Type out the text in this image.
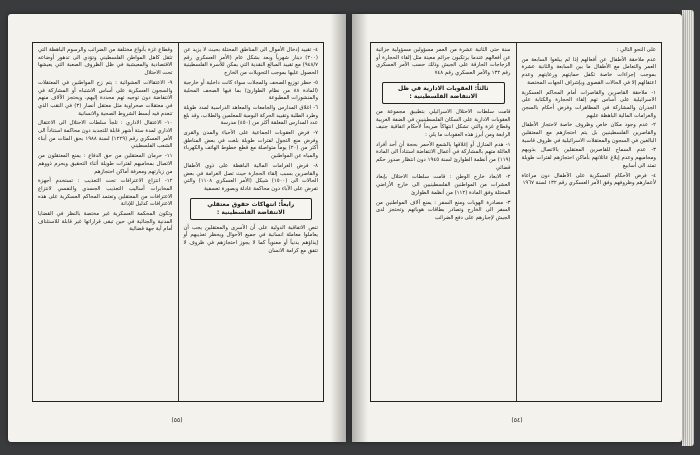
٤- تقييد إدخال الأموال الى المناطق المحتلة بحيث لا يزيد عن (٢٠٠) دينار شهرياً وبعد بشكل عام (الأمر العسكري رقم ٩٤٨/٧) مع تقييد المبالغ النقدية التي يمكن للأسرة الفلسطينية الحصول عليها بموجب التحويلات من الخارج

٥- حظر توزيع الصحف والمجلات سواء كانت داخلية أو خارجية (المادة ٨٨ من نظام الطوارئ) بما فيها الصحف المحلية والمنشورات المطبوعة

٦- اغلاق المدارس والجامعات والمعاهد الدراسية لمدد طويلة وطرد الطلبة وتقييد الحركة اليومية للمعلمين والطلاب، وقد بلغ عدد المدارس المغلقة أكثر من (٤٥٠) مدرسة

٧- فرض العقوبات الجماعية على الأحياء والمدن والقرى وفرض منع التجول لفترات طويلة بلغت في بعض المناطق أكثر من (٢٠) يوماً متواصلة مع قطع خطوط الهاتف والكهرباء والمياه عن المواطنين

٨- فرض الغرامات المالية الباهظة على ذوي الأطفال والقاصرين بسبب إلقاء الحجارة حيث تصل الغرامة في بعض الحالات الى (١٥٠٠) شيكل (الأمر العسكري ١١٠٨) والتي تفرض على الآباء دون محاكمة عادلة وبصورة تعسفية

رابعاً: انتهاكات حقوق معتقلي الانتفاضة الفلسطينية :

تنص الاتفاقية الدولية على أن الأسرى والمعتقلين يجب أن يعاملوا معاملة انسانية في جميع الأحوال ويحظر تعذيبهم أو إيذاؤهم بدنياً أو معنوياً كما لا يجوز احتجازهم في ظروف لا تتفق مع كرامة الانسان

وقطاع غزة بأنواع مختلفة من الضرائب والرسوم الباهظة التي تثقل كاهل المواطن الفلسطيني وتؤدي الى تدهور أوضاعه الاقتصادية والمعيشية في ظل الظروف الصعبة التي يعيشها تحت الاحتلال

٩- الاعتقالات العشوائية : يتم زج المواطنين في المعتقلات والسجون العسكرية على أساس الاشتباه أو المشاركة في الانتفاضة دون توجيه تهم محددة إليهم، ويحتجز الآلاف منهم في معتقلات صحراوية مثل معتقل أنصار (٣) في النقب الذي تنعدم فيه أبسط الشروط الصحية والانسانية

١٠- الاعتقال الاداري : تلجأ سلطات الاحتلال الى الاعتقال الاداري لمدة ستة أشهر قابلة للتجديد دون محاكمة استناداً الى الأمر العسكري رقم (١٢٢٩) لسنة ١٩٨٨ بحق المئات من أبناء الشعب الفلسطيني

١١- حرمان المعتقلين من حق الدفاع : يمنع المعتقلون من الاتصال بمحاميهم لفترات طويلة أثناء التحقيق ويحرم ذووهم من زيارتهم ومعرفة أماكن احتجازهم

١٢- انتزاع الاعترافات تحت التعذيب : تستخدم أجهزة المخابرات أساليب التعذيب الجسدي والنفسي لانتزاع الاعترافات من المعتقلين وتعتمد المحاكم العسكرية على هذه الاعترافات كدليل للإدانة

وتكون المحكمة العسكرية غير مختصة بالنظر في القضايا المدنية والجنائية في حين تبقى قراراتها غير قابلة للاستئناف أمام أية جهة قضائية

(٥٥)

على النحو التالي :

عدم ملاحقة الأطفال عن أفعالهم إذا لم يبلغوا السابعة من العمر والتعامل مع الأطفال ما بين السابعة والثانية عشرة بموجب إجراءات خاصة تكفل حمايتهم ورعايتهم وعدم اعتقالهم إلا في الحالات القصوى وبإشراف الجهات المختصة

١- ملاحقة القاصرين والقاصرات أمام المحاكم العسكرية الاسرائيلية على أساس تهم إلقاء الحجارة والكتابة على الجدران والمشاركة في المظاهرات وفرض أحكام بالسجن والغرامات المالية الباهظة عليهم

٢- عدم وجود مكان خاص وظروف خاصة لاحتجاز الأطفال والقاصرين الفلسطينيين بل يتم احتجازهم مع المعتقلين البالغين في السجون والمعتقلات الاسرائيلية في ظروف قاسية

٣- عدم السماح للقاصرين المعتقلين بالاتصال بذويهم ومحاميهم وعدم إبلاغ عائلاتهم بأماكن احتجازهم لفترات طويلة تمتد الى أسابيع

٤- فرض الأحكام العسكرية على الأطفال دون مراعاة لأعمارهم وظروفهم وفق الأمر العسكري رقم ١٣٢ لسنة ١٩٦٧

سنة حتى الثانية عشرة من العمر مسؤولين مسؤولية جزائية عن أفعالهم عندما يرتكبون جرائم معينة مثل إلقاء الحجارة أو الزجاجات الحارقة على الجيش وذلك حسب الأمر العسكري رقم ١٣٢ والأمر العسكري رقم ٧٤٨

ثالثاً: العقوبات الادارية في ظل الانتفاضة الفلسطينية :

قامت سلطات الاحتلال الاسرائيلي بتطبيق مجموعة من العقوبات الادارية على السكان الفلسطينيين في الضفة الغربية وقطاع غزة والتي تشكل انتهاكاً صريحاً لأحكام اتفاقية جنيف الرابعة ومن أبرز هذه العقوبات ما يلي :

١- هدم المنازل أو إغلاقها بالشمع الأحمر بحجة أن أحد أفراد العائلة متهم بالمشاركة في أعمال الانتفاضة استناداً الى المادة (١١٩) من أنظمة الطوارئ لسنة ١٩٤٥ دون انتظار صدور حكم قضائي

٢- الابعاد خارج الوطن : قامت سلطات الاحتلال بإبعاد العشرات من المواطنين الفلسطينيين الى خارج الأراضي المحتلة وفق المادة (١١٢) من أنظمة الطوارئ

٣- مصادرة الهويات ومنع السفر : يمنع آلاف المواطنين من السفر الى الخارج وتصادر بطاقات هوياتهم وتحتجز لدى الجيش لإجبارهم على دفع الضرائب

(٥٤)
